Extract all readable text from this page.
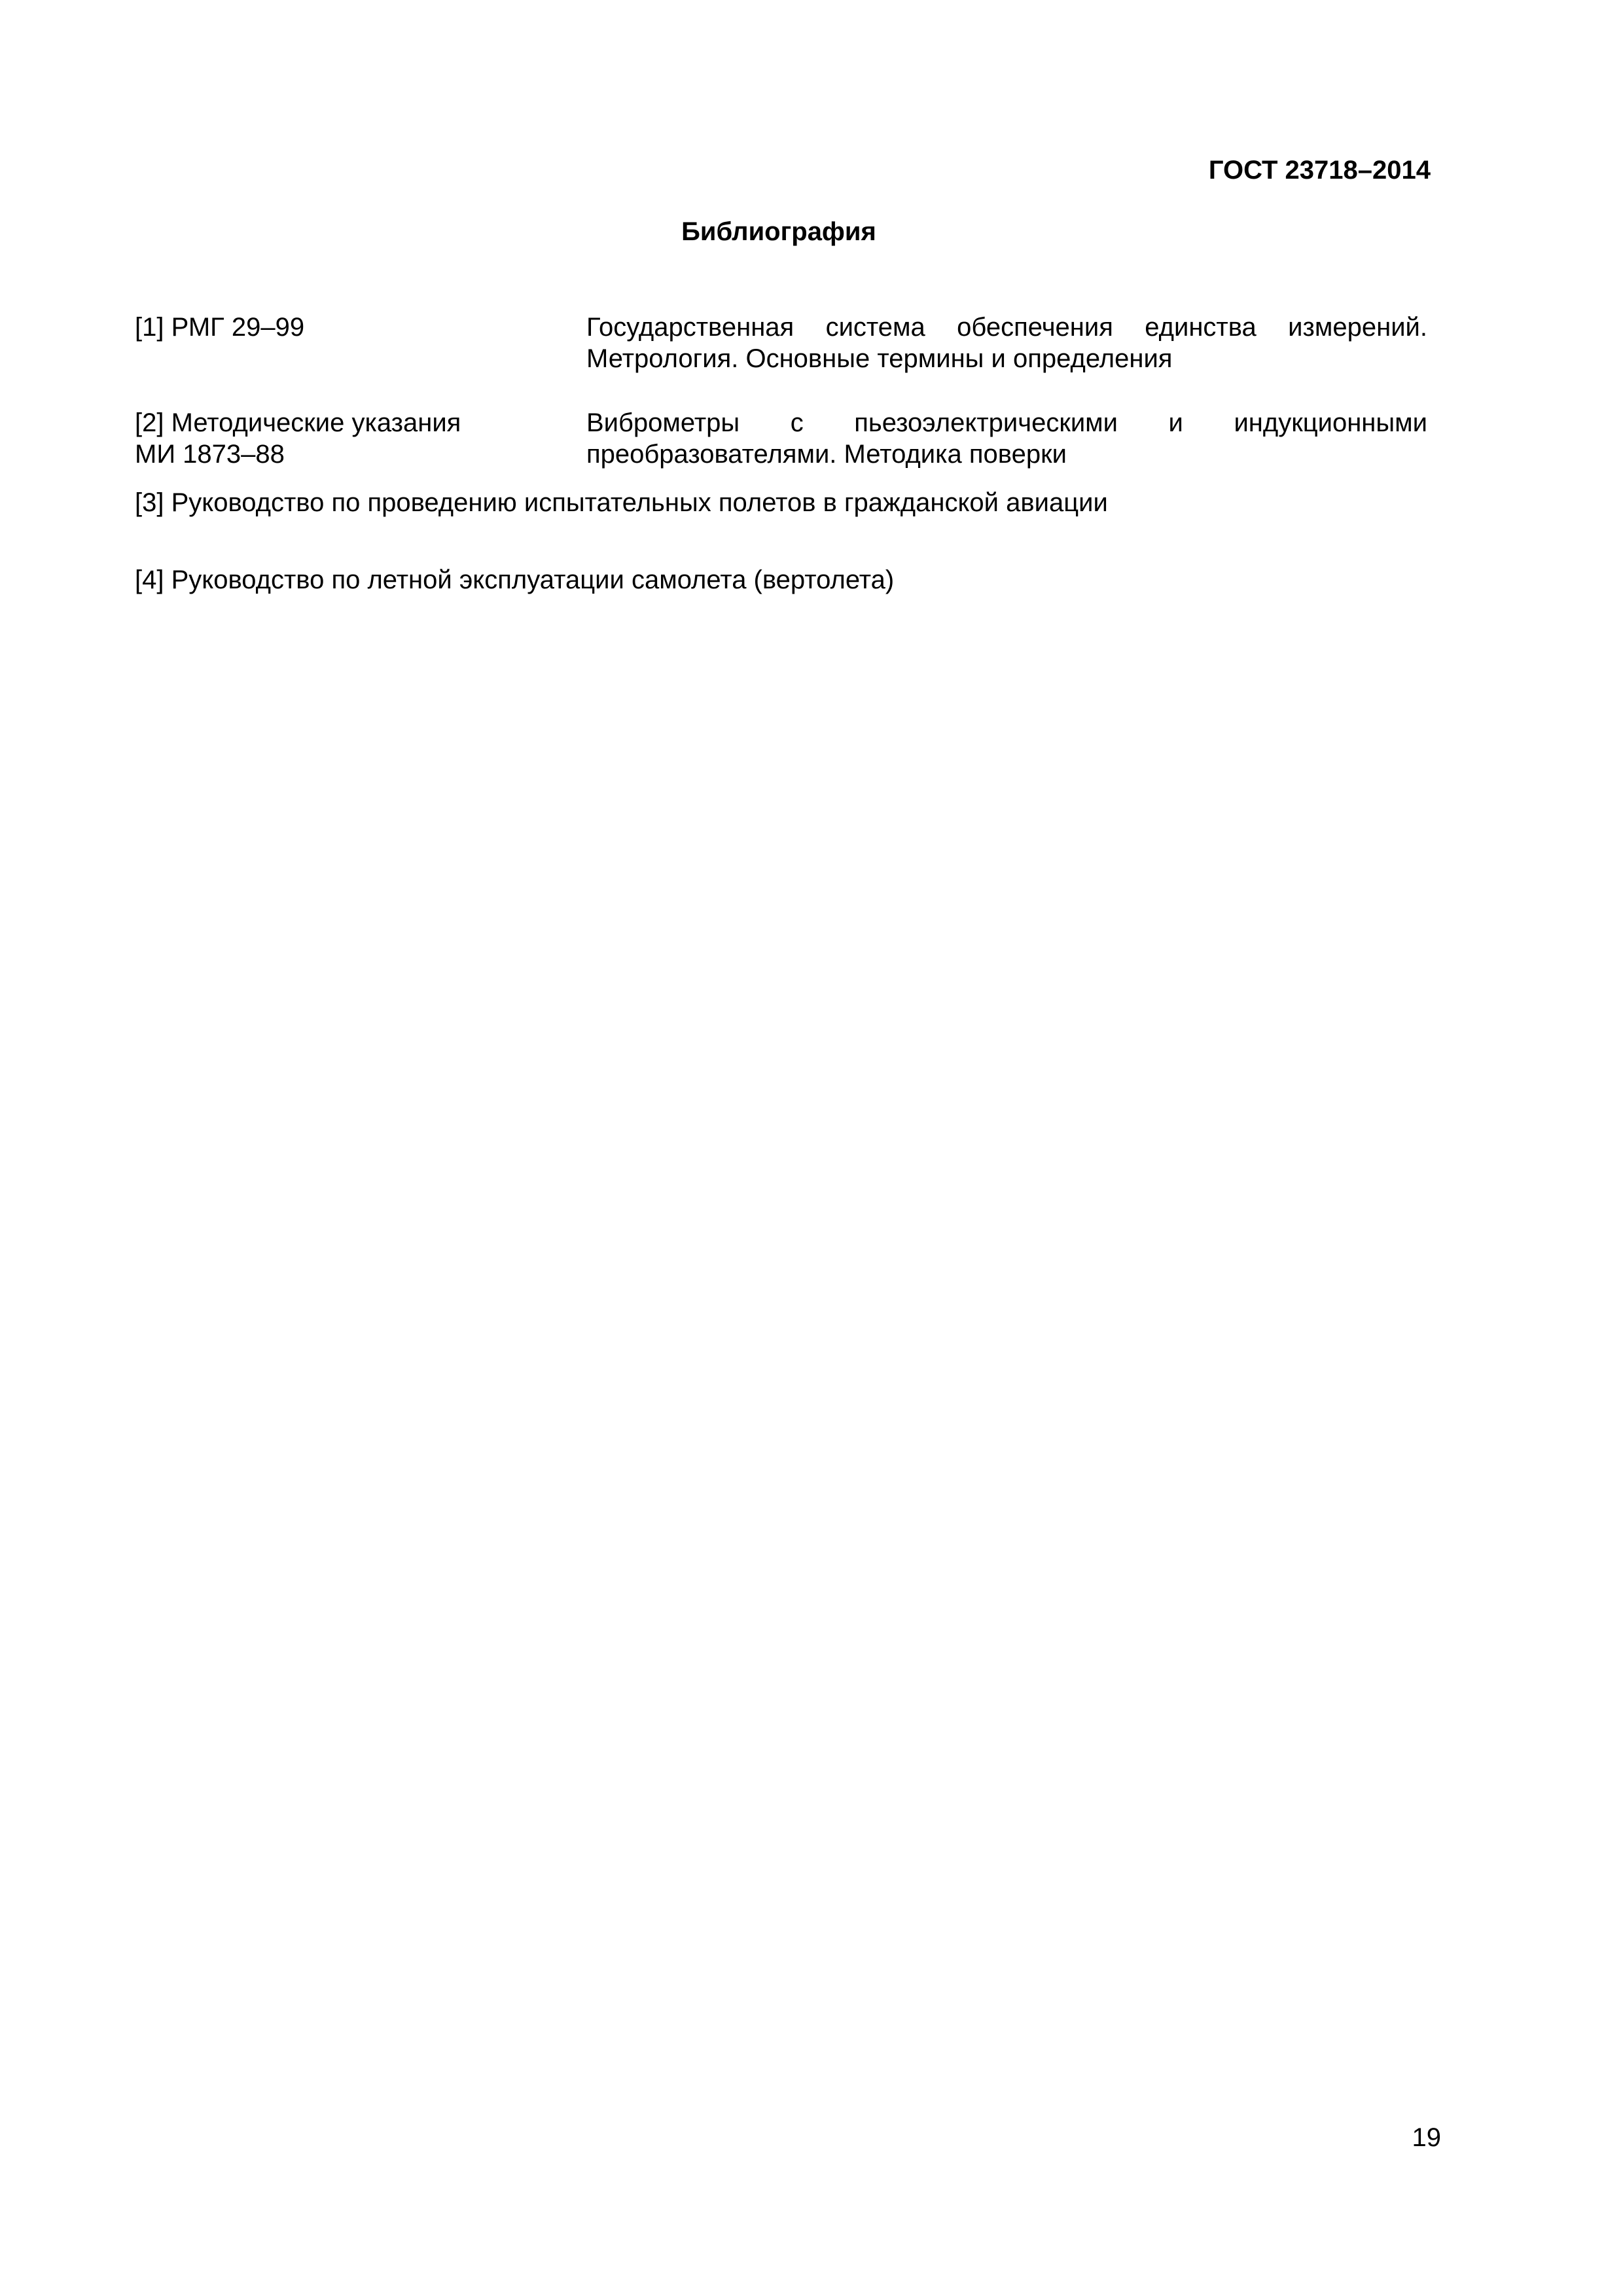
ГОСТ 23718–2014
Библиография
[1] РМГ 29–99	Государственная система обеспечения единства измерений.
Метрология. Основные термины и определения
[2] Методические указания
МИ 1873–88
Виброметры с пьезоэлектрическими и индукционными
преобразователями. Методика поверки
[3] Руководство по проведению испытательных полетов в гражданской авиации
[4] Руководство по летной эксплуатации самолета (вертолета)
19
